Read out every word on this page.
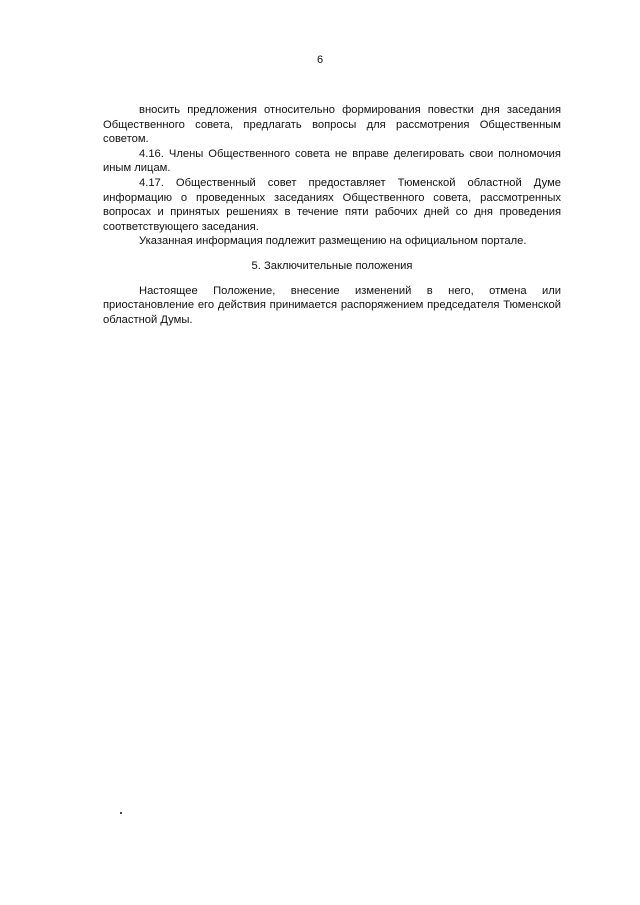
6

вносить предложения относительно формирования повестки дня заседания Общественного совета, предлагать вопросы для рассмотрения Общественным советом.

4.16. Члены Общественного совета не вправе делегировать свои полномочия иным лицам.

4.17. Общественный совет предоставляет Тюменской областной Думе информацию о проведенных заседаниях Общественного совета, рассмотренных вопросах и принятых решениях в течение пяти рабочих дней со дня проведения соответствующего заседания.

Указанная информация подлежит размещению на официальном портале.

5. Заключительные положения

Настоящее Положение, внесение изменений в него, отмена или приостановление его действия принимается распоряжением председателя Тюменской областной Думы.
